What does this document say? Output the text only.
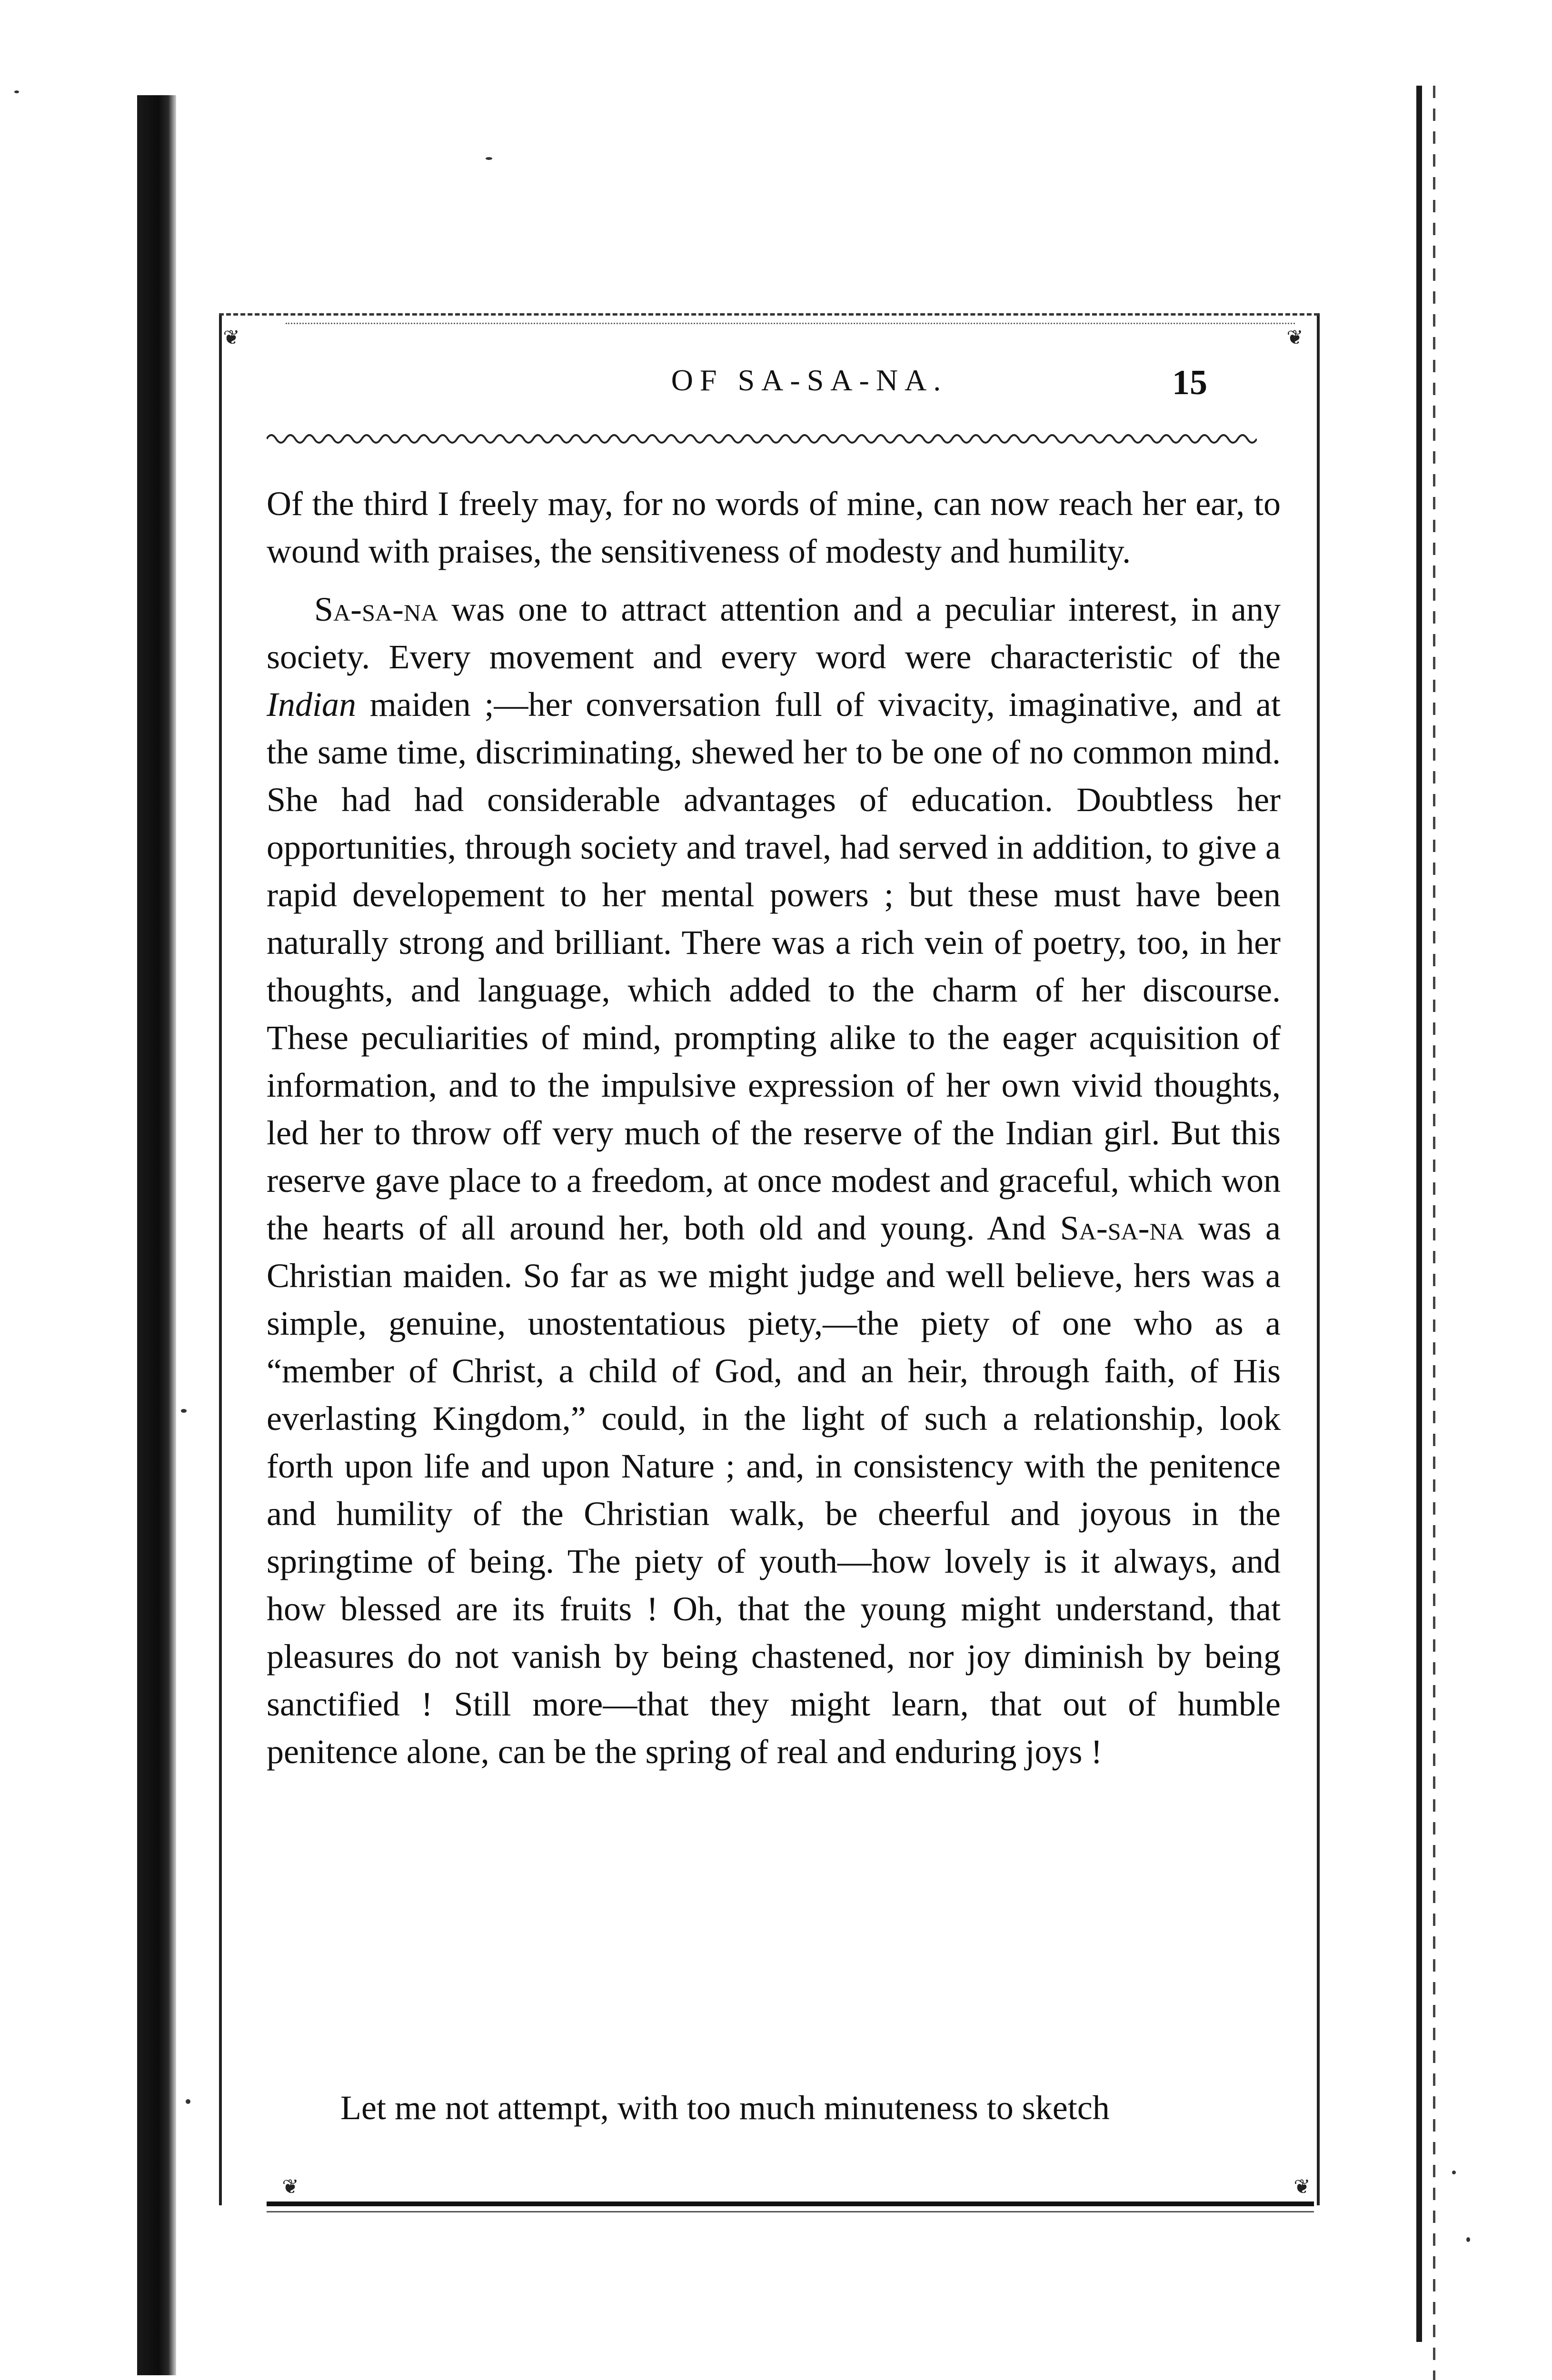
❦	❦
❦	❦
OF SA-SA-NA.	15

Of the third I freely may, for no words of mine, can now reach her ear, to wound with praises, the sensitiveness of modesty and humility.

Sa-sa-na was one to attract attention and a peculiar interest, in any society. Every movement and every word were characteristic of the Indian maiden ;—her conversation full of vivacity, imaginative, and at the same time, discriminating, shewed her to be one of no common mind. She had had considerable advantages of education. Doubtless her opportunities, through society and travel, had served in addition, to give a rapid developement to her mental powers ; but these must have been naturally strong and brilliant. There was a rich vein of poetry, too, in her thoughts, and language, which added to the charm of her discourse. These peculiarities of mind, prompting alike to the eager acquisition of information, and to the impulsive expression of her own vivid thoughts, led her to throw off very much of the reserve of the Indian girl. But this reserve gave place to a freedom, at once modest and graceful, which won the hearts of all around her, both old and young. And Sa-sa-na was a Christian maiden. So far as we might judge and well believe, hers was a simple, genuine, unostentatious piety,—the piety of one who as a “member of Christ, a child of God, and an heir, through faith, of His everlasting Kingdom,” could, in the light of such a relationship, look forth upon life and upon Nature ; and, in consistency with the penitence and humility of the Christian walk, be cheerful and joyous in the springtime of being. The piety of youth—how lovely is it always, and how blessed are its fruits ! Oh, that the young might understand, that pleasures do not vanish by being chastened, nor joy diminish by being sanctified ! Still more—that they might learn, that out of humble penitence alone, can be the spring of real and enduring joys !

Let me not attempt, with too much minuteness to sketch
